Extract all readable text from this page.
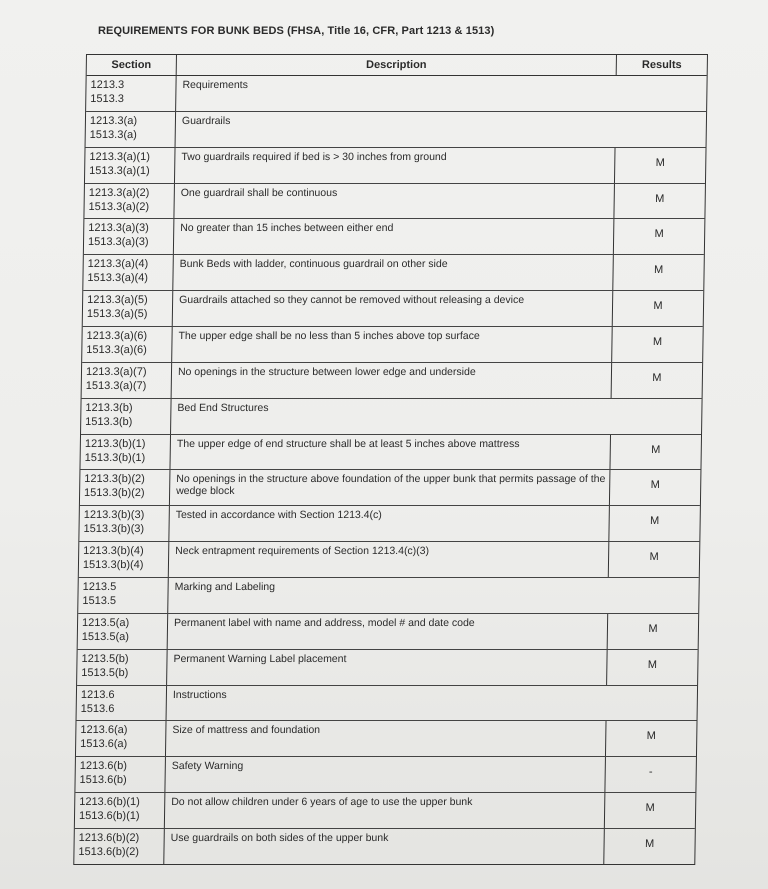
REQUIREMENTS FOR BUNK BEDS (FHSA, Title 16, CFR, Part 1213 & 1513)
Section	Description	Results
1213.3
1513.3
Requirements
1213.3(a)
1513.3(a)
Guardrails
1213.3(a)(1)
1513.3(a)(1)
Two guardrails required if bed is > 30 inches from ground	M
1213.3(a)(2)
1513.3(a)(2)
One guardrail shall be continuous	M
1213.3(a)(3)
1513.3(a)(3)
No greater than 15 inches between either end	M
1213.3(a)(4)
1513.3(a)(4)
Bunk Beds with ladder, continuous guardrail on other side	M
1213.3(a)(5)
1513.3(a)(5)
Guardrails attached so they cannot be removed without releasing a device	M
1213.3(a)(6)
1513.3(a)(6)
The upper edge shall be no less than 5 inches above top surface	M
1213.3(a)(7)
1513.3(a)(7)
No openings in the structure between lower edge and underside	M
1213.3(b)
1513.3(b)
Bed End Structures
1213.3(b)(1)
1513.3(b)(1)
The upper edge of end structure shall be at least 5 inches above mattress	M
1213.3(b)(2)
1513.3(b)(2)
No openings in the structure above foundation of the upper bunk that permits passage of the wedge block	M
1213.3(b)(3)
1513.3(b)(3)
Tested in accordance with Section 1213.4(c)	M
1213.3(b)(4)
1513.3(b)(4)
Neck entrapment requirements of Section 1213.4(c)(3)	M
1213.5
1513.5
Marking and Labeling
1213.5(a)
1513.5(a)
Permanent label with name and address, model # and date code	M
1213.5(b)
1513.5(b)
Permanent Warning Label placement	M
1213.6
1513.6
Instructions
1213.6(a)
1513.6(a)
Size of mattress and foundation	M
1213.6(b)
1513.6(b)
Safety Warning	-
1213.6(b)(1)
1513.6(b)(1)
Do not allow children under 6 years of age to use the upper bunk	M
1213.6(b)(2)
1513.6(b)(2)
Use guardrails on both sides of the upper bunk	M
